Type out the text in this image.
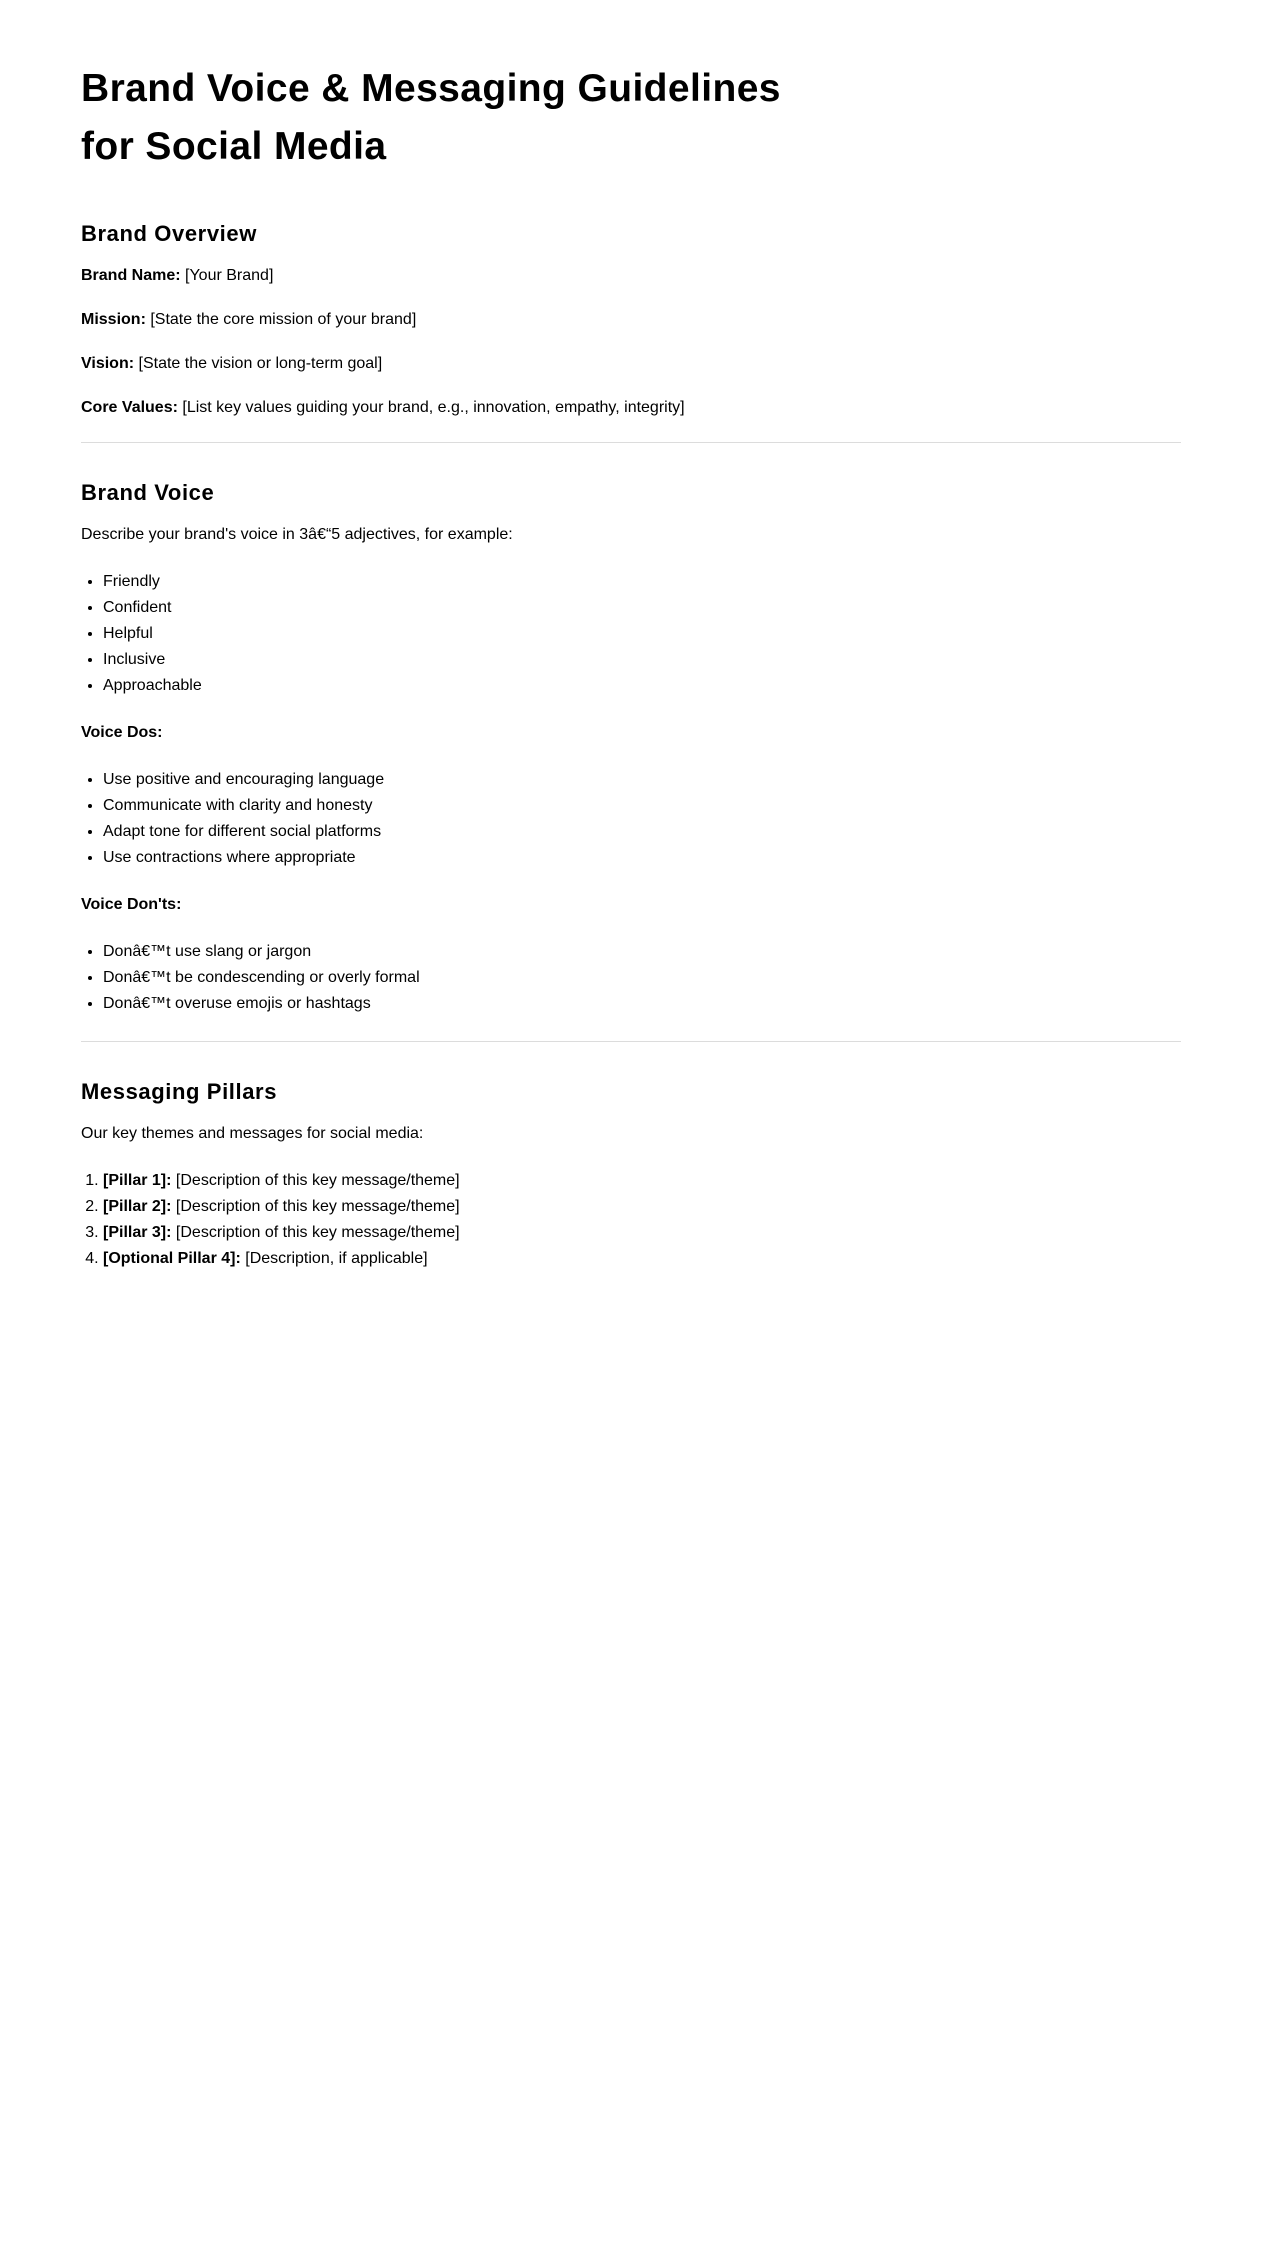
Brand Voice & Messaging Guidelines
for Social Media
Brand Overview

Brand Name: [Your Brand]

Mission: [State the core mission of your brand]

Vision: [State the vision or long-term goal]

Core Values: [List key values guiding your brand, e.g., innovation, empathy, integrity]

Brand Voice

Describe your brand's voice in 3â€“5 adjectives, for example:

• Friendly
• Confident
• Helpful
• Inclusive
• Approachable

Voice Dos:

• Use positive and encouraging language
• Communicate with clarity and honesty
• Adapt tone for different social platforms
• Use contractions where appropriate

Voice Don'ts:

• Donâ€™t use slang or jargon
• Donâ€™t be condescending or overly formal
• Donâ€™t overuse emojis or hashtags
Messaging Pillars

Our key themes and messages for social media:

1. [Pillar 1]: [Description of this key message/theme]
2. [Pillar 2]: [Description of this key message/theme]
3. [Pillar 3]: [Description of this key message/theme]
4. [Optional Pillar 4]: [Description, if applicable]
